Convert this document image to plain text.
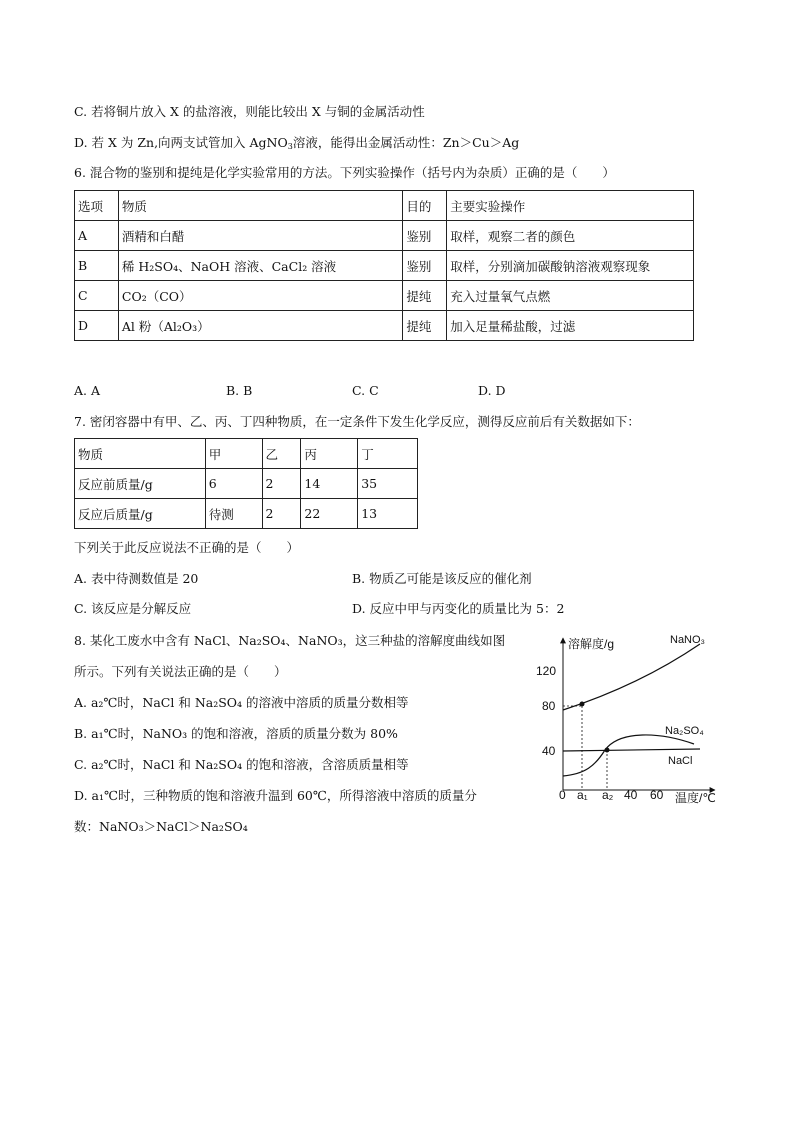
C. 若将铜片放入 X 的盐溶液，则能比较出 X 与铜的金属活动性
D. 若 X 为 Zn,向两支试管加入 AgNO$_3$溶液，能得出金属活动性：Zn＞Cu＞Ag
6. 混合物的鉴别和提纯是化学实验常用的方法。下列实验操作（括号内为杂质）正确的是（　　）
选项	物质	目的	主要实验操作
A	酒精和白醋	鉴别	取样，观察二者的颜色
B	稀 H₂SO₄、NaOH 溶液、CaCl₂ 溶液	鉴别	取样，分别滴加碳酸钠溶液观察现象
C	CO₂（CO）	提纯	充入过量氧气点燃
D	Al 粉（Al₂O₃）	提纯	加入足量稀盐酸，过滤
A. A	B. B	C. C	D. D
7. 密闭容器中有甲、乙、丙、丁四种物质，在一定条件下发生化学反应，测得反应前后有关数据如下：
物质	甲	乙	丙	丁
反应前质量/g	6	2	14	35
反应后质量/g	待测	2	22	13
下列关于此反应说法不正确的是（　　）
A. 表中待测数值是 20	B. 物质乙可能是该反应的催化剂
C. 该反应是分解反应	D. 反应中甲与丙变化的质量比为 5：2
8. 某化工废水中含有 NaCl、Na₂SO₄、NaNO₃，这三种盐的溶解度曲线如图
所示。下列有关说法正确的是（　　）
A. a₂℃时，NaCl 和 Na₂SO₄ 的溶液中溶质的质量分数相等
B. a₁℃时，NaNO₃ 的饱和溶液，溶质的质量分数为 80%
C. a₂℃时，NaCl 和 Na₂SO₄ 的饱和溶液，含溶质质量相等
D. a₁℃时，三种物质的饱和溶液升温到 60℃，所得溶液中溶质的质量分
数：NaNO₃＞NaCl＞Na₂SO₄
溶解度/g
温度/℃
120
80
40
0 a₁ a₂ 40 60
NaNO₃
Na₂SO₄
NaCl
